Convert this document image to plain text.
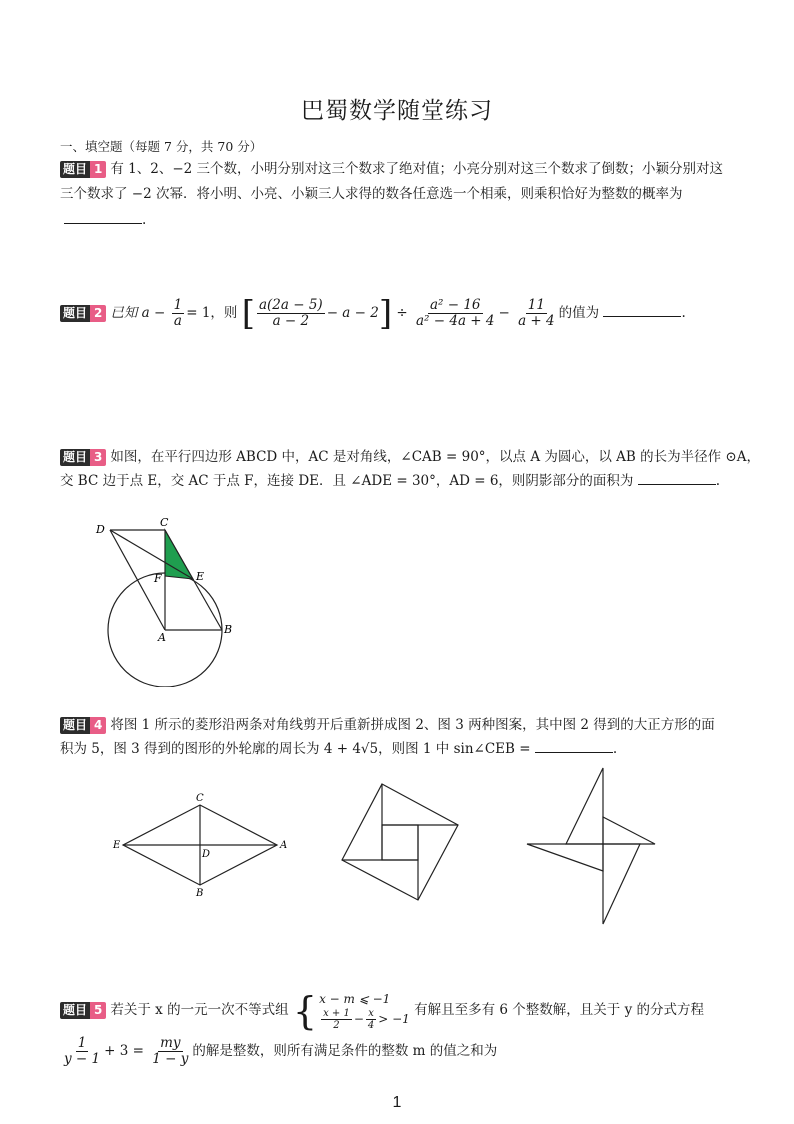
巴蜀数学随堂练习
一、填空题（每题 7 分，共 70 分）
题目 1 有 1、2、−2 三个数，小明分别对这三个数求了绝对值；小亮分别对这三个数求了倒数；小颖分别对这
三个数求了 −2 次幂．将小明、小亮、小颖三人求得的数各任意选一个相乘，则乘积恰好为整数的概率为
.
题目 2 已知 $a - \frac{1}{a} = 1$，则 [ $\frac{a(2a - 5)}{a - 2} - a - 2] \div \frac{\text{a² − 16}}{\text{a² − 4a + 4}} - \frac{11}{a + 4}$ 的值为	.
题目 3 如图，在平行四边形 ABCD 中，AC 是对角线，∠CAB = 90°，以点 A 为圆心，以 AB 的长为半径作 ⊙A，
交 BC 边于点 E，交 AC 于点 F，连接 DE．且 ∠ADE = 30°，AD = 6，则阴影部分的面积为	.
D
C
F	E
A
B
题目 4 将图 1 所示的菱形沿两条对角线剪开后重新拼成图 2、图 3 两种图案，其中图 2 得到的大正方形的面
积为 5，图 3 得到的图形的外轮廓的周长为 4 + 4√5，则图 1 中 sin∠CEB =	.
C
E
D
A
B
题目 5 若关于 x 的一元一次不等式组 { x − m ⩽ −1
$\frac{x + 1}{2} - \frac{x}{4} > -1$
有解且至多有 6 个整数解，且关于 y 的分式方程
$\frac{1}{y - 1} + 3 = \frac{my}{1 - y}$ 的解是整数，则所有满足条件的整数 m 的值之和为
1
